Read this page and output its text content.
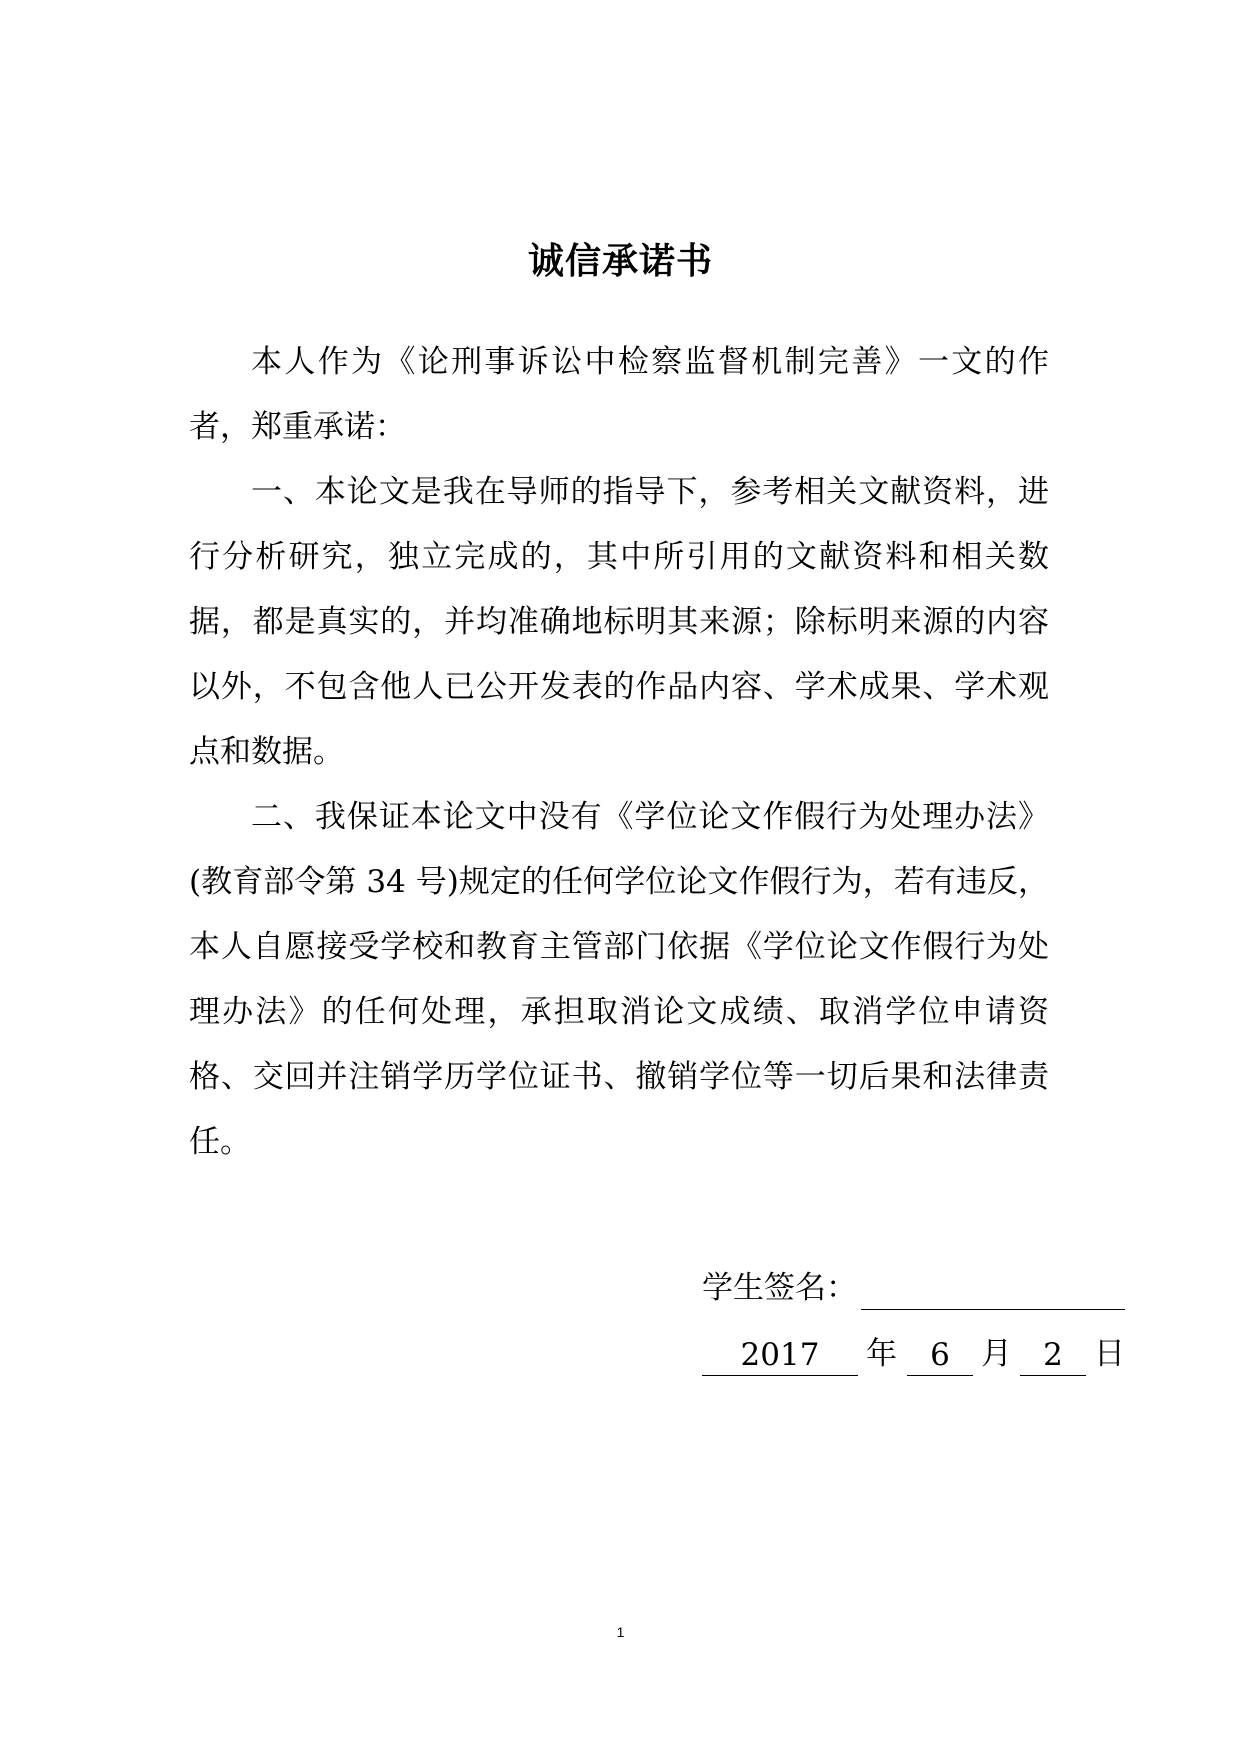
诚信承诺书

本人作为《论刑事诉讼中检察监督机制完善》一文的作者，郑重承诺：

一、本论文是我在导师的指导下，参考相关文献资料，进行分析研究，独立完成的，其中所引用的文献资料和相关数据，都是真实的，并均准确地标明其来源；除标明来源的内容以外，不包含他人已公开发表的作品内容、学术成果、学术观点和数据。

二、我保证本论文中没有《学位论文作假行为处理办法》(教育部令第 34 号)规定的任何学位论文作假行为，若有违反，本人自愿接受学校和教育主管部门依据《学位论文作假行为处理办法》的任何处理，承担取消论文成绩、取消学位申请资格、交回并注销学历学位证书、撤销学位等一切后果和法律责任。

学生签名：
2017 年 6 月 2 日
1
